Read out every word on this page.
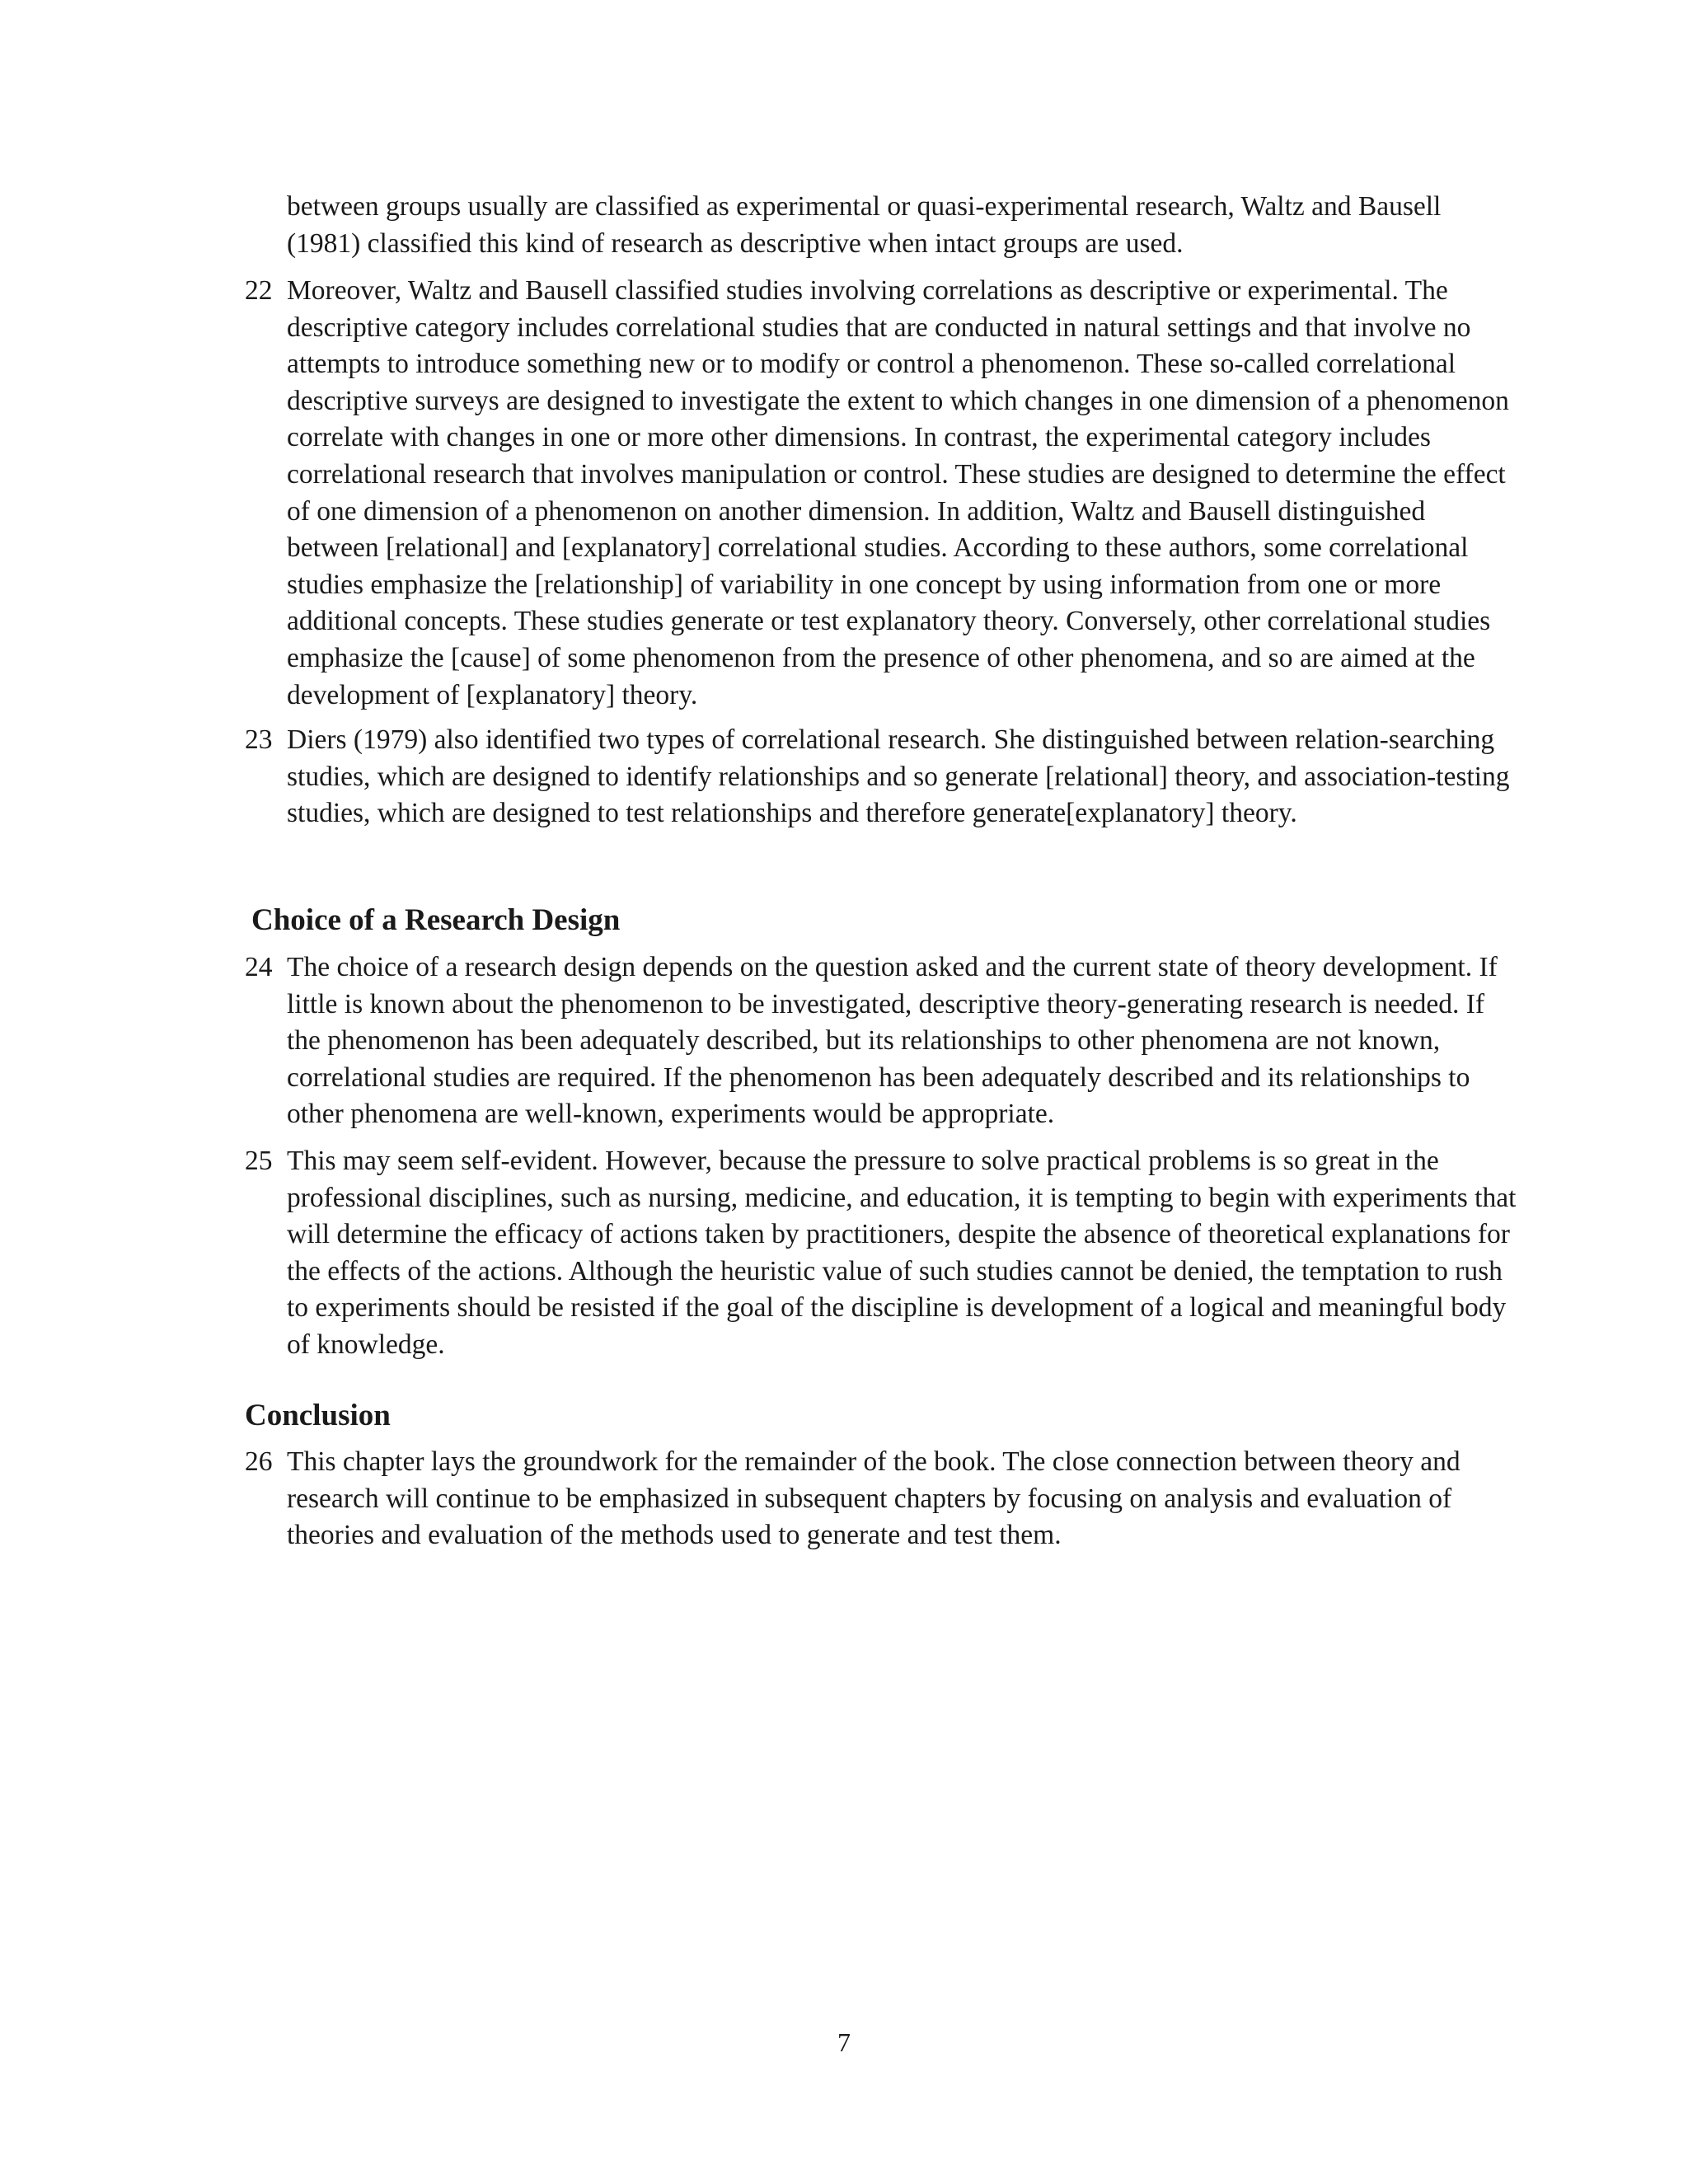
between groups usually are classified as experimental or quasi-experimental research, Waltz and Bausell (1981) classified this kind of research as descriptive when intact groups are used.

22 Moreover, Waltz and Bausell classified studies involving correlations as descriptive or experimental. The descriptive category includes correlational studies that are conducted in natural settings and that involve no attempts to introduce something new or to modify or control a phenomenon. These so-called correlational descriptive surveys are designed to investigate the extent to which changes in one dimension of a phenomenon correlate with changes in one or more other dimensions. In contrast, the experimental category includes correlational research that involves manipulation or control. These studies are designed to determine the effect of one dimension of a phenomenon on another dimension. In addition, Waltz and Bausell distinguished between [relational] and [explanatory] correlational studies. According to these authors, some correlational studies emphasize the [relationship] of variability in one concept by using information from one or more additional concepts. These studies generate or test explanatory theory. Conversely, other correlational studies emphasize the [cause] of some phenomenon from the presence of other phenomena, and so are aimed at the development of [explanatory] theory.

23 Diers (1979) also identified two types of correlational research. She distinguished between relation-searching studies, which are designed to identify relationships and so generate [relational] theory, and association-testing studies, which are designed to test relationships and therefore generate[explanatory] theory.

Choice of a Research Design

24 The choice of a research design depends on the question asked and the current state of theory development. If little is known about the phenomenon to be investigated, descriptive theory-generating research is needed. If the phenomenon has been adequately described, but its relationships to other phenomena are not known, correlational studies are required. If the phenomenon has been adequately described and its relationships to other phenomena are well-known, experiments would be appropriate.

25 This may seem self-evident. However, because the pressure to solve practical problems is so great in the professional disciplines, such as nursing, medicine, and education, it is tempting to begin with experiments that will determine the efficacy of actions taken by practitioners, despite the absence of theoretical explanations for the effects of the actions. Although the heuristic value of such studies cannot be denied, the temptation to rush to experiments should be resisted if the goal of the discipline is development of a logical and meaningful body of knowledge.

Conclusion

26 This chapter lays the groundwork for the remainder of the book. The close connection between theory and research will continue to be emphasized in subsequent chapters by focusing on analysis and evaluation of theories and evaluation of the methods used to generate and test them.

7
